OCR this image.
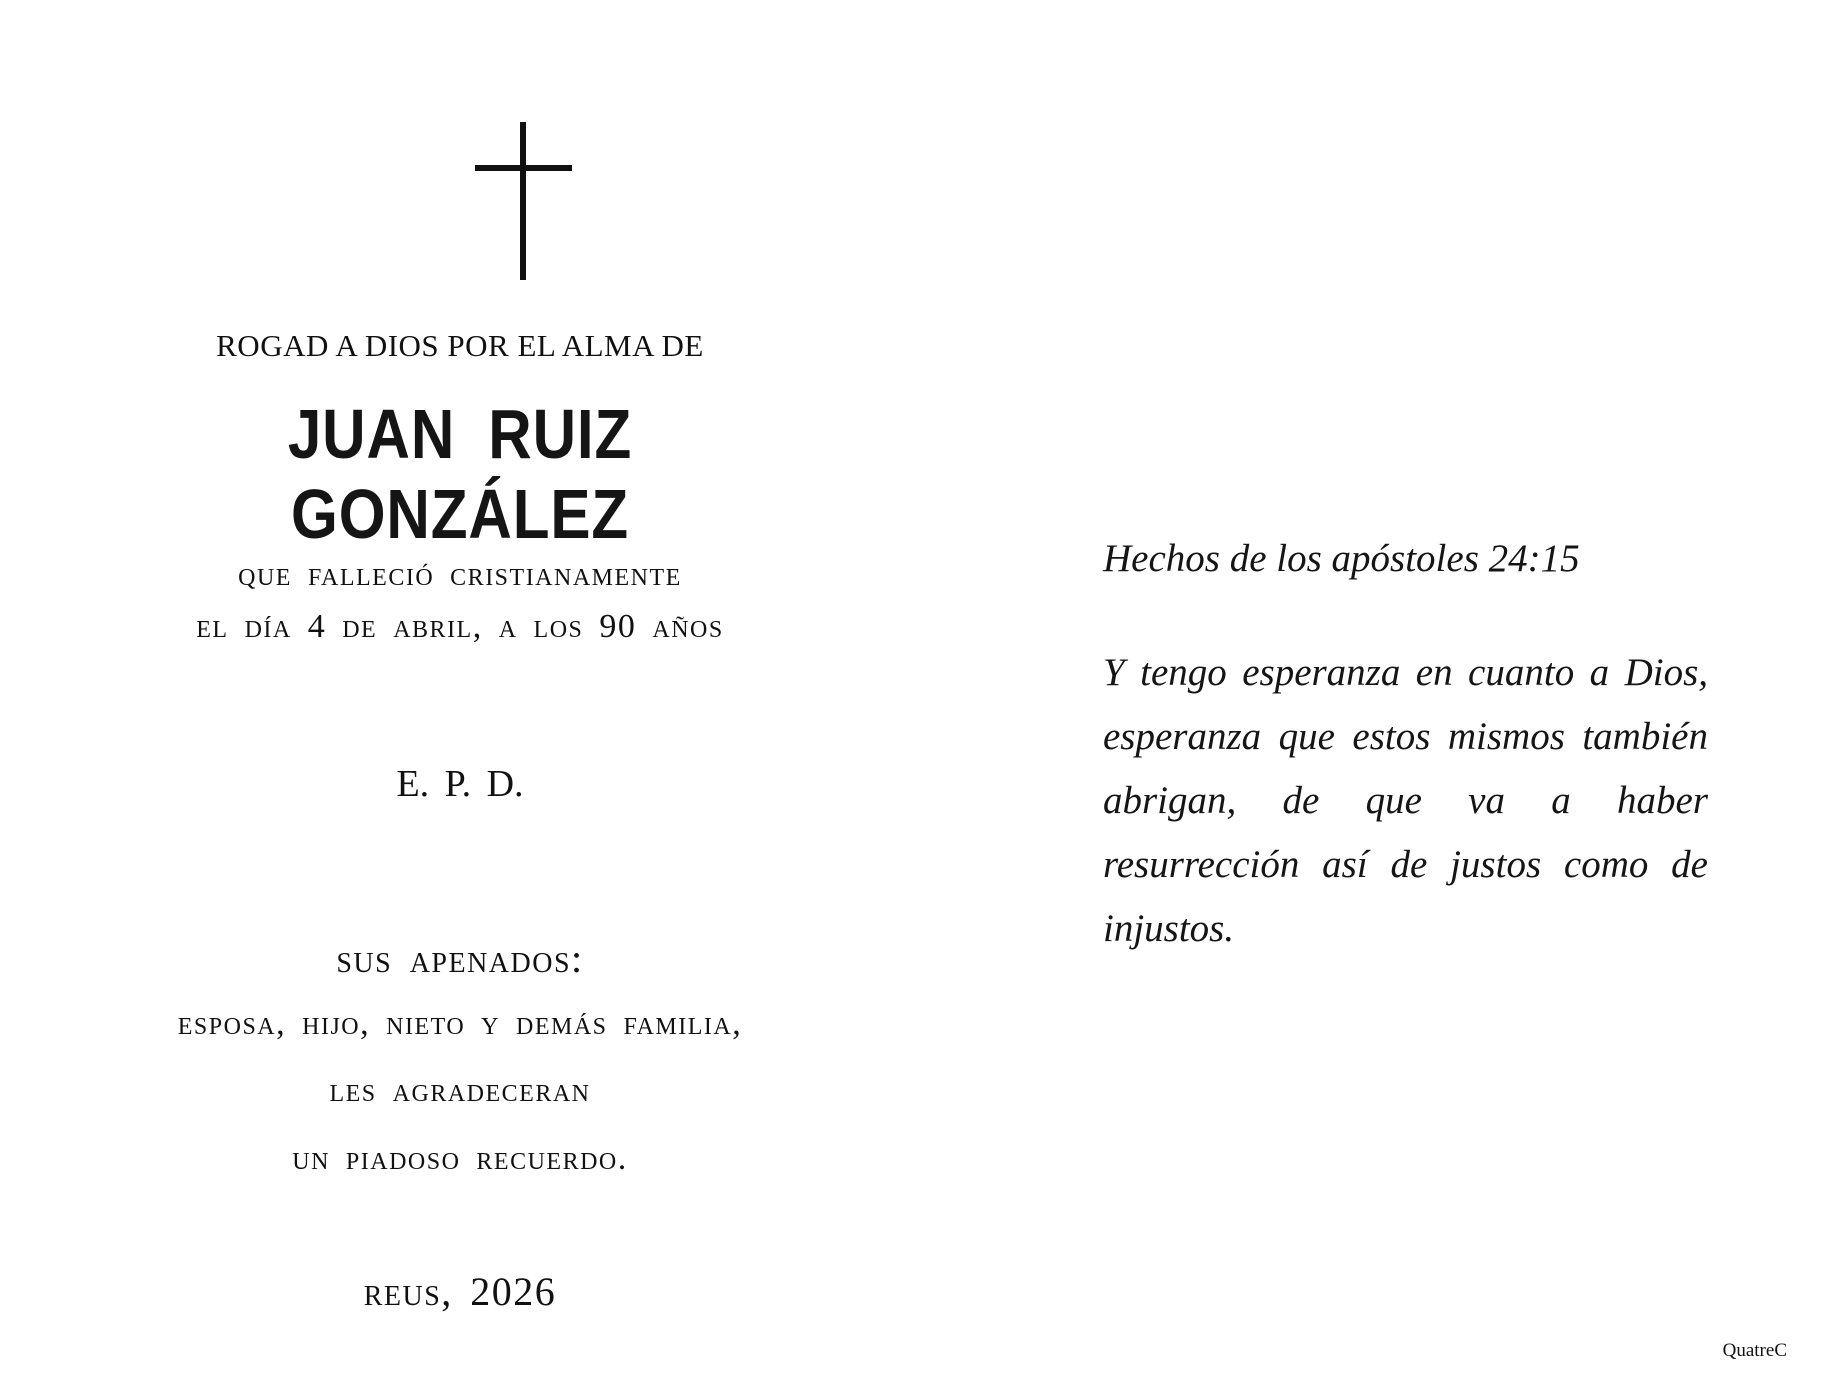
ROGAD A DIOS POR EL ALMA DE
JUAN RUIZ GONZÁLEZ
que falleció cristianamente
el día 4 de abril, a los 90 años
E. P. D.
sus apenados:
esposa, hijo, nieto y demás familia,
les agradeceran
un piadoso recuerdo.
reus, 2026

Hechos de los apóstoles 24:15

Y tengo esperanza en cuanto a Dios, esperanza que estos mismos también abrigan, de que va a haber resurrección así de justos como de injustos.

QuatreC
